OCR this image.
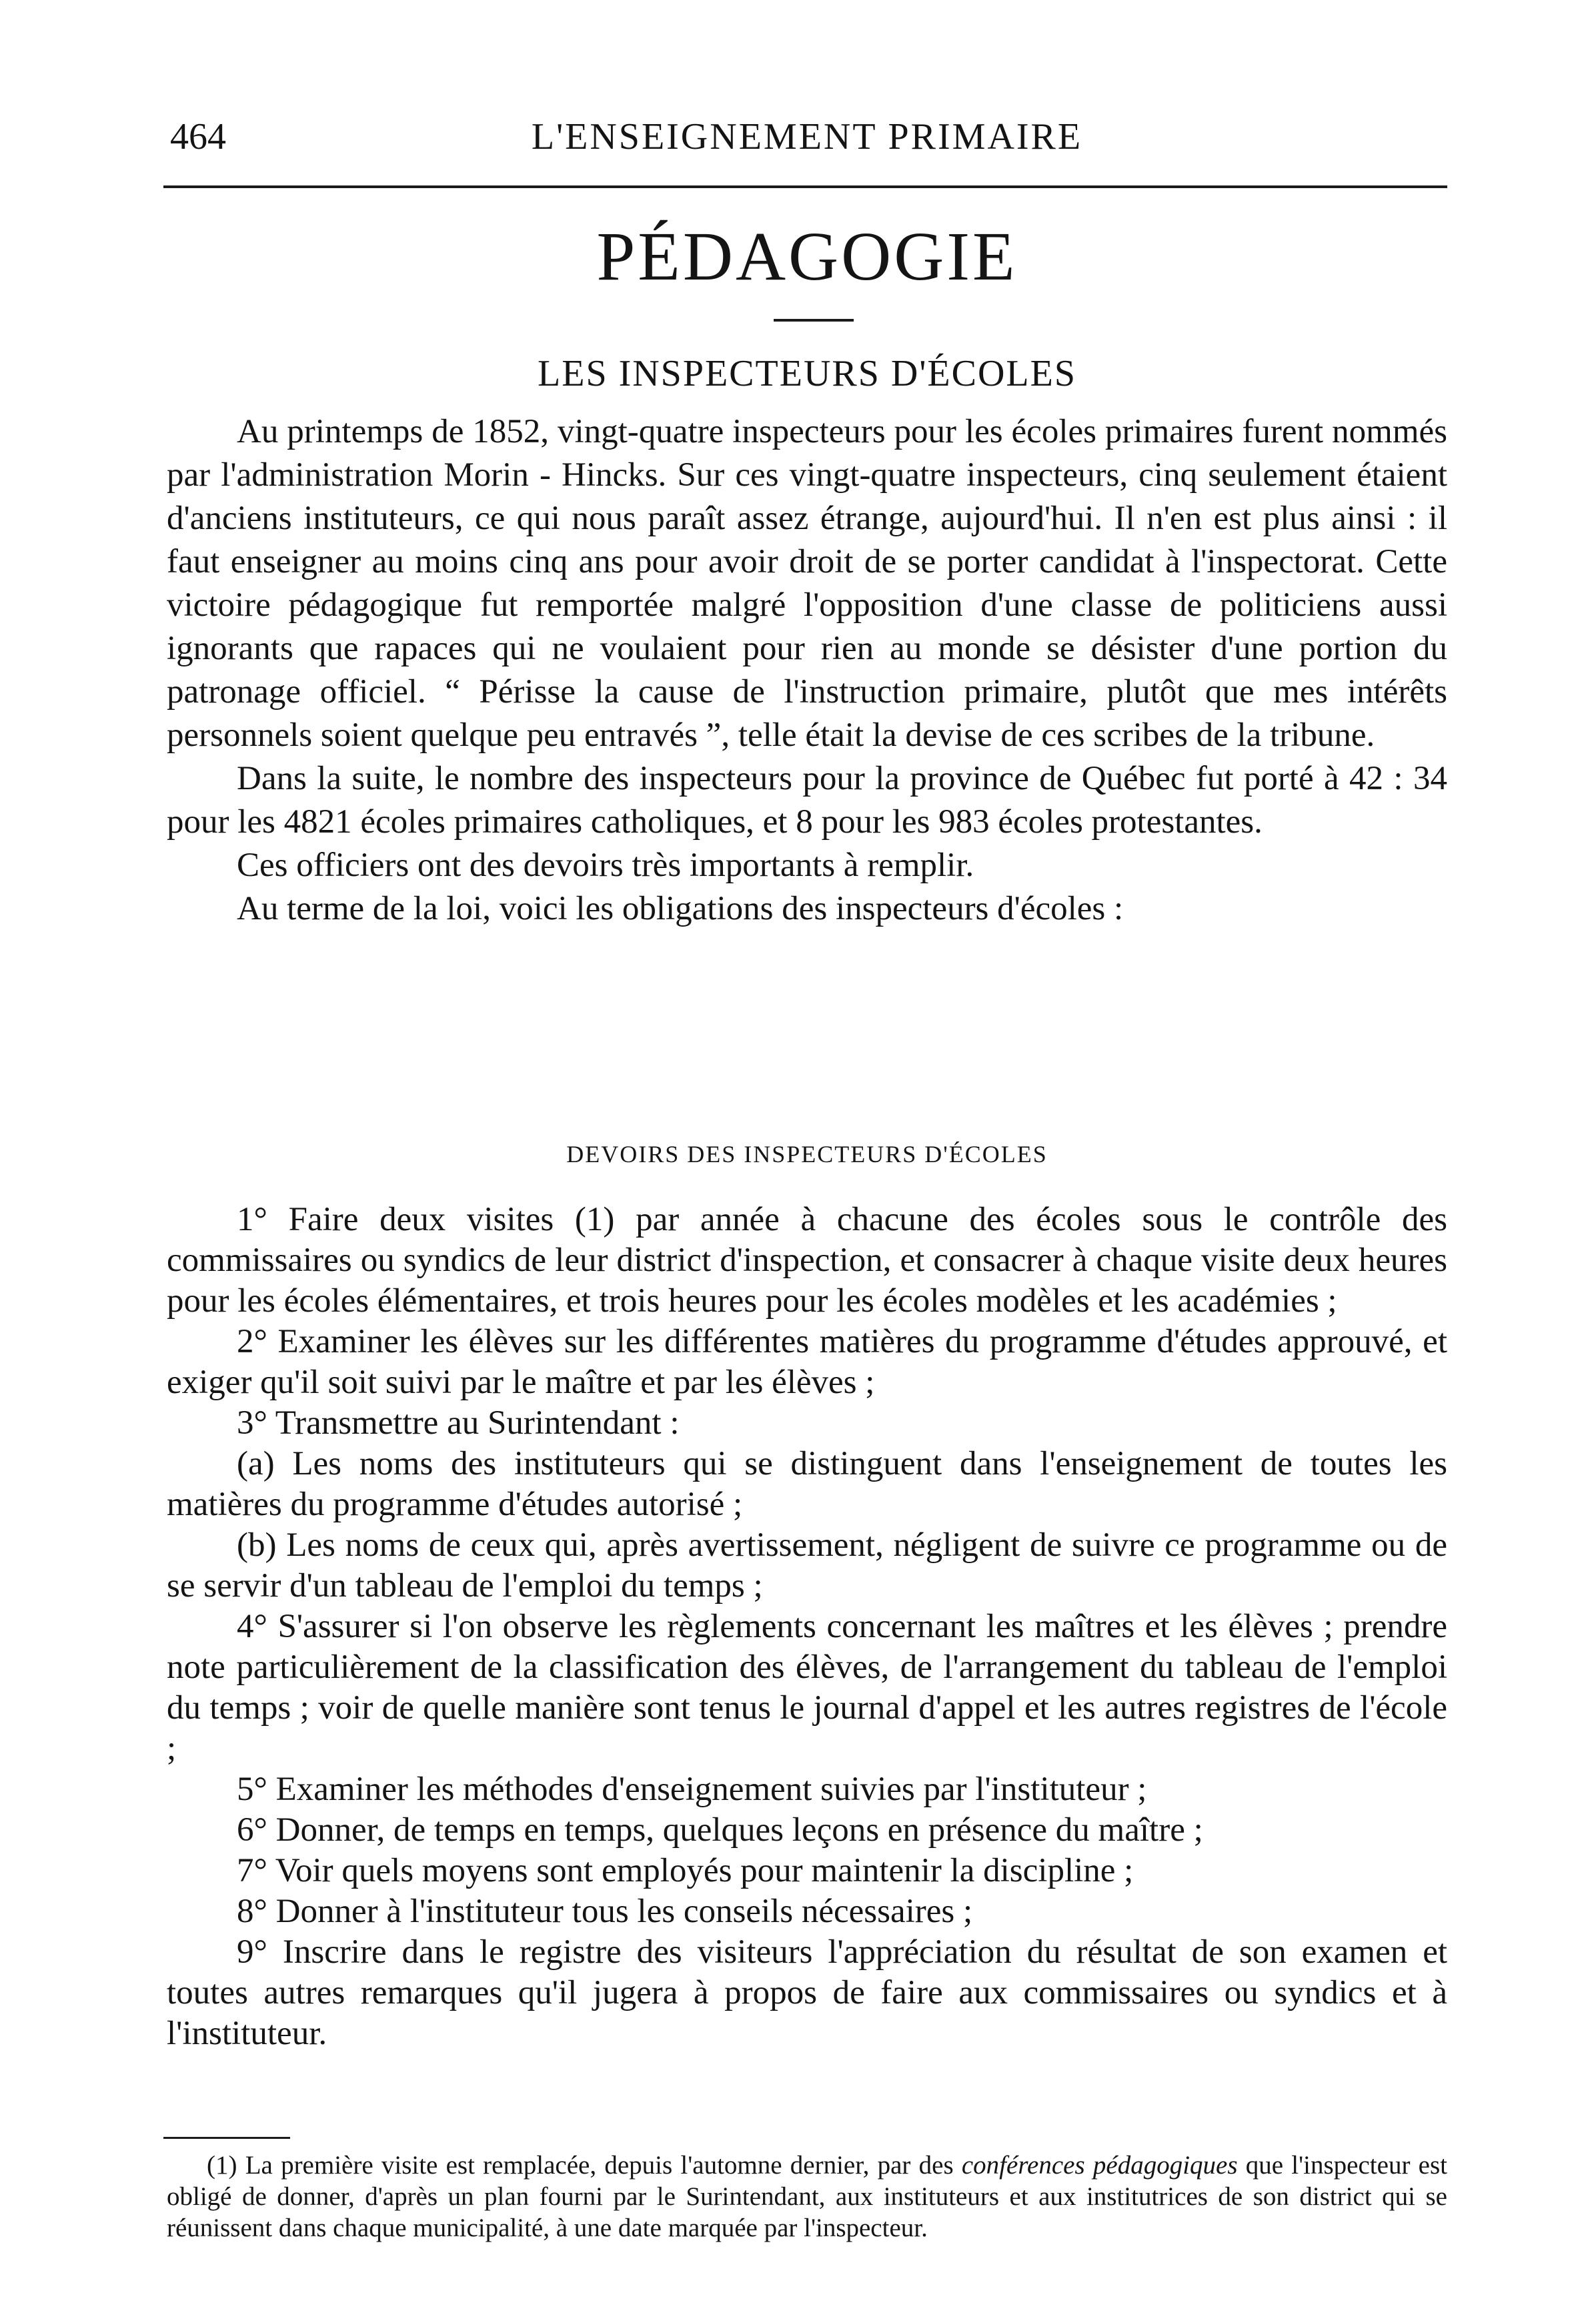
464	L'ENSEIGNEMENT PRIMAIRE
PÉDAGOGIE
LES INSPECTEURS D'ÉCOLES

Au printemps de 1852, vingt-quatre inspecteurs pour les écoles primaires furent nommés par l'administration Morin - Hincks. Sur ces vingt-quatre inspecteurs, cinq seulement étaient d'anciens instituteurs, ce qui nous paraît assez étrange, aujourd'hui. Il n'en est plus ainsi : il faut enseigner au moins cinq ans pour avoir droit de se porter candidat à l'inspectorat. Cette victoire pédagogique fut remportée malgré l'opposition d'une classe de politiciens aussi ignorants que rapaces qui ne voulaient pour rien au monde se désister d'une portion du patronage officiel. “ Périsse la cause de l'instruction primaire, plutôt que mes intérêts personnels soient quelque peu entravés ”, telle était la devise de ces scribes de la tribune.

Dans la suite, le nombre des inspecteurs pour la province de Québec fut porté à 42 : 34 pour les 4821 écoles primaires catholiques, et 8 pour les 983 écoles protestantes.

Ces officiers ont des devoirs très importants à remplir.

Au terme de la loi, voici les obligations des inspecteurs d'écoles :

DEVOIRS DES INSPECTEURS D'ÉCOLES

1° Faire deux visites (1) par année à chacune des écoles sous le contrôle des commissaires ou syndics de leur district d'inspection, et consacrer à chaque visite deux heures pour les écoles élémentaires, et trois heures pour les écoles modèles et les académies ;

2° Examiner les élèves sur les différentes matières du programme d'études approuvé, et exiger qu'il soit suivi par le maître et par les élèves ;

3° Transmettre au Surintendant :

(a) Les noms des instituteurs qui se distinguent dans l'enseignement de toutes les matières du programme d'études autorisé ;

(b) Les noms de ceux qui, après avertissement, négligent de suivre ce programme ou de se servir d'un tableau de l'emploi du temps ;

4° S'assurer si l'on observe les règlements concernant les maîtres et les élèves ; prendre note particulièrement de la classification des élèves, de l'arrangement du tableau de l'emploi du temps ; voir de quelle manière sont tenus le journal d'appel et les autres registres de l'école ;

5° Examiner les méthodes d'enseignement suivies par l'instituteur ;

6° Donner, de temps en temps, quelques leçons en présence du maître ;

7° Voir quels moyens sont employés pour maintenir la discipline ;

8° Donner à l'instituteur tous les conseils nécessaires ;

9° Inscrire dans le registre des visiteurs l'appréciation du résultat de son examen et toutes autres remarques qu'il jugera à propos de faire aux commissaires ou syndics et à l'instituteur.

(1) La première visite est remplacée, depuis l'automne dernier, par des conférences pédagogiques que l'inspecteur est obligé de donner, d'après un plan fourni par le Surintendant, aux instituteurs et aux institutrices de son district qui se réunissent dans chaque municipalité, à une date marquée par l'inspecteur.
